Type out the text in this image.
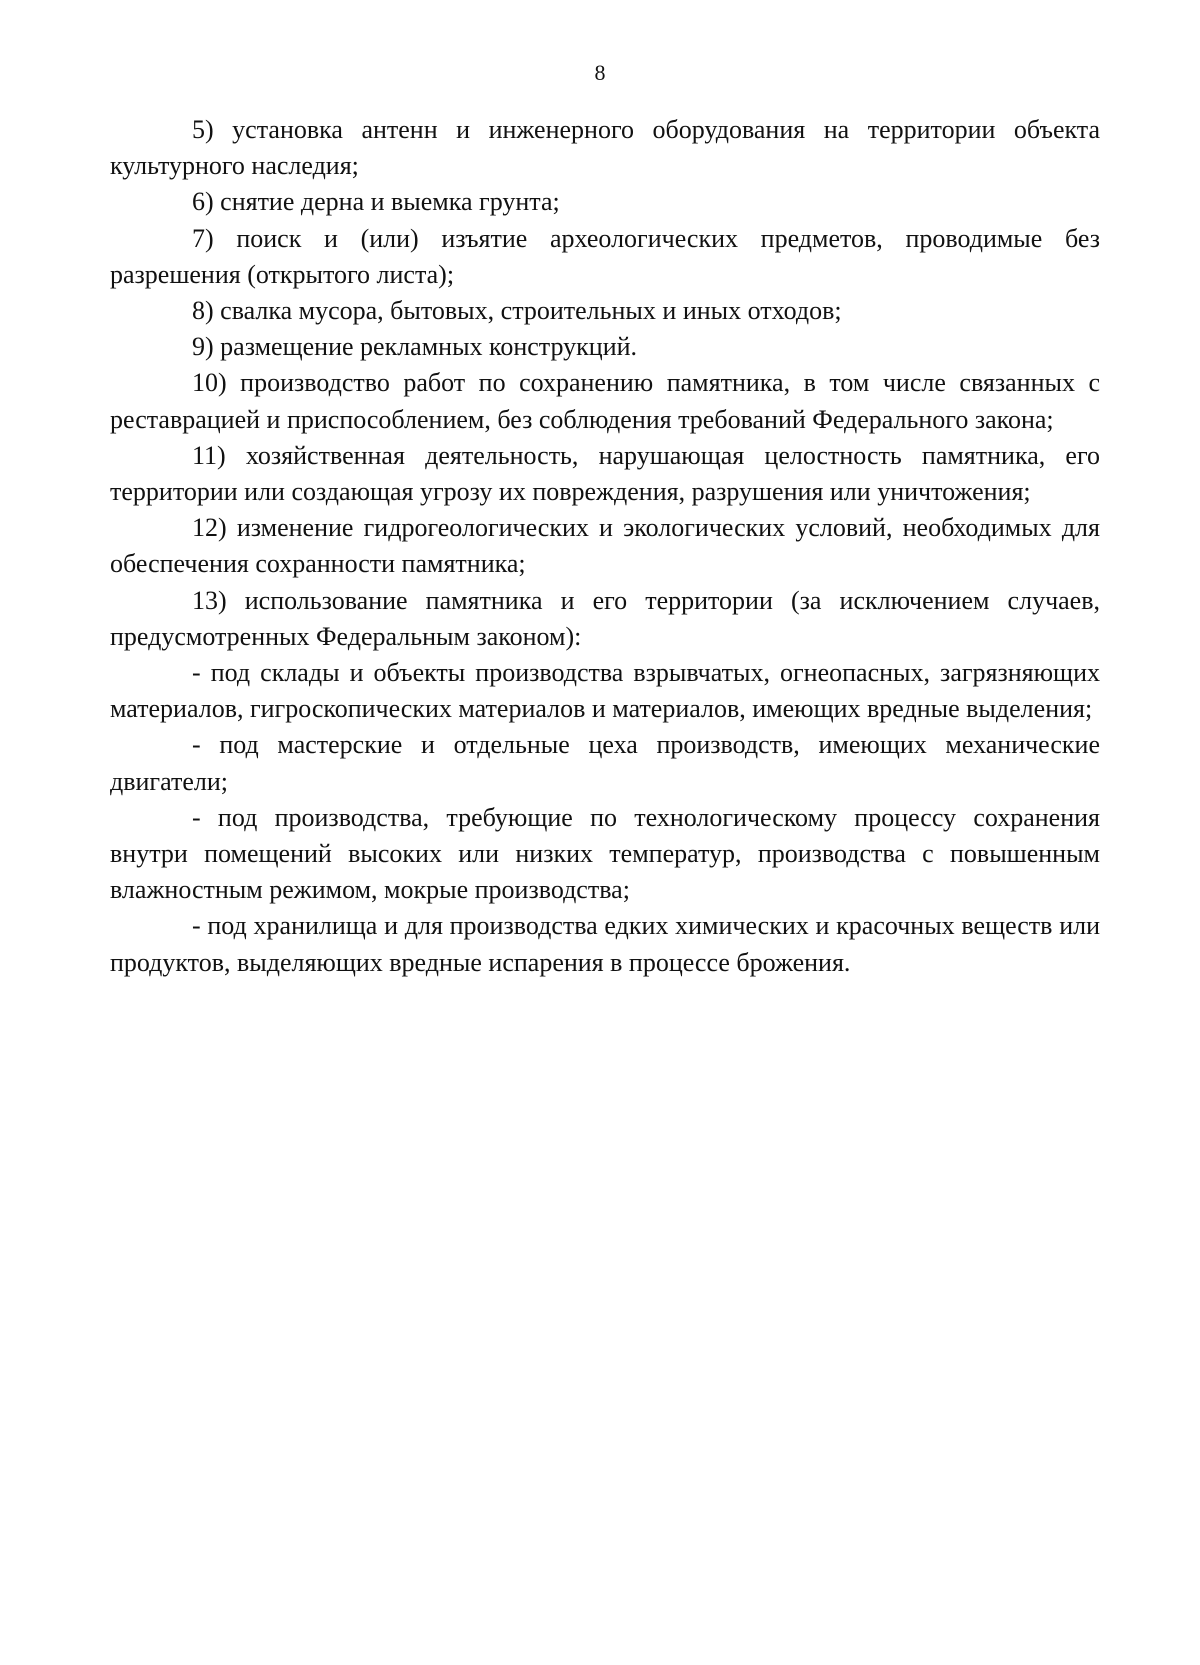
8

5) установка антенн и инженерного оборудования на территории объекта культурного наследия;

6) снятие дерна и выемка грунта;

7) поиск и (или) изъятие археологических предметов, проводимые без разрешения (открытого листа);

8) свалка мусора, бытовых, строительных и иных отходов;

9) размещение рекламных конструкций.

10) производство работ по сохранению памятника, в том числе связанных с реставрацией и приспособлением, без соблюдения требований Федерального закона;

11) хозяйственная деятельность, нарушающая целостность памятника, его территории или создающая угрозу их повреждения, разрушения или уничтожения;

12) изменение гидрогеологических и экологических условий, необходимых для обеспечения сохранности памятника;

13) использование памятника и его территории (за исключением случаев, предусмотренных Федеральным законом):

- под склады и объекты производства взрывчатых, огнеопасных, загрязняющих материалов, гигроскопических материалов и материалов, имеющих вредные выделения;

- под мастерские и отдельные цеха производств, имеющих механические двигатели;

- под производства, требующие по технологическому процессу сохранения внутри помещений высоких или низких температур, производства с повышенным влажностным режимом, мокрые производства;

- под хранилища и для производства едких химических и красочных веществ или продуктов, выделяющих вредные испарения в процессе брожения.
